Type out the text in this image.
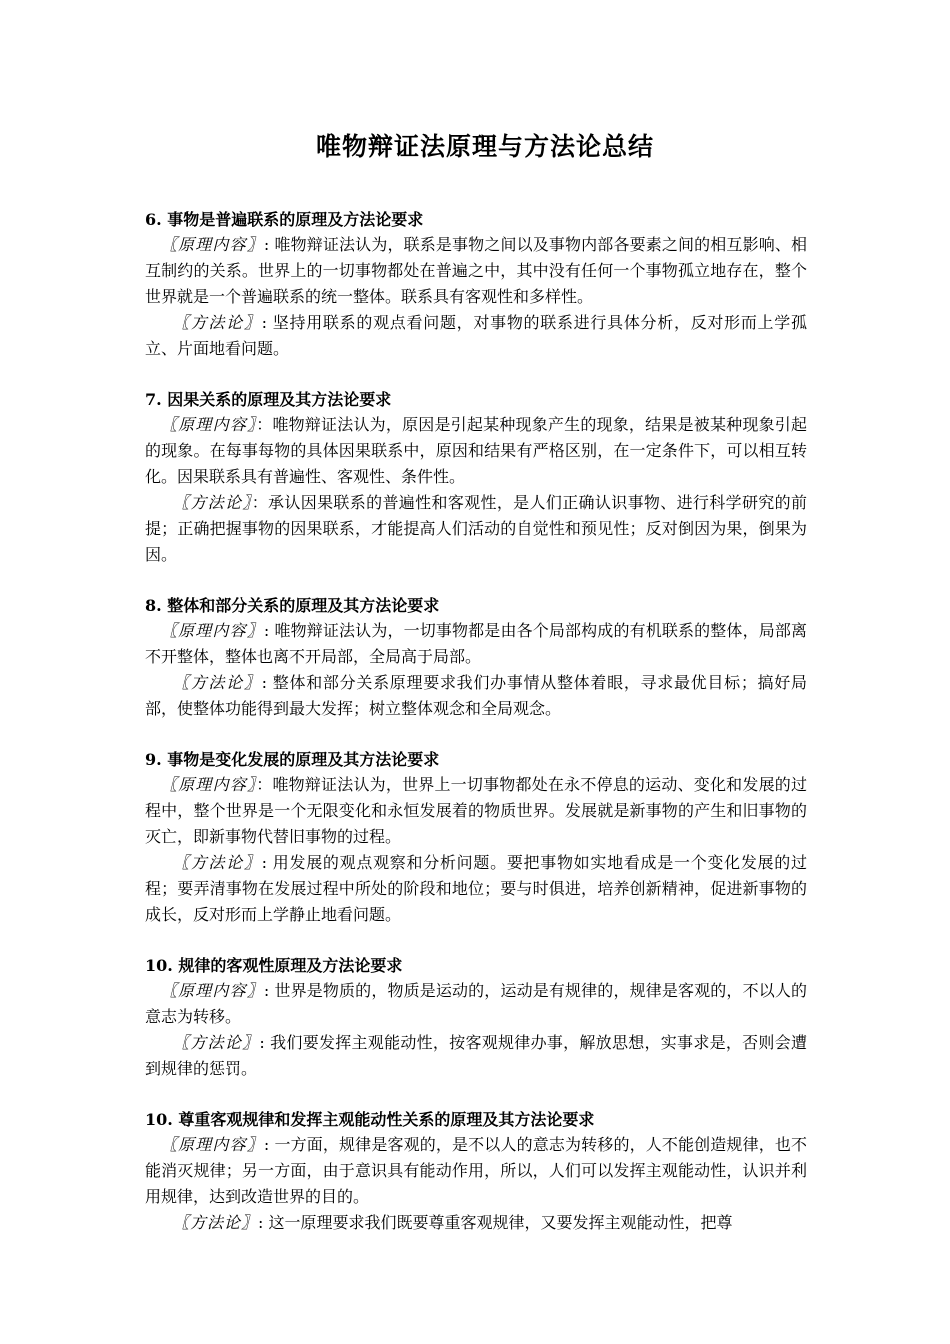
唯物辩证法原理与方法论总结

6. 事物是普遍联系的原理及方法论要求

〖原理内容〗: 唯物辩证法认为，联系是事物之间以及事物内部各要素之间的相互影响、相互制约的关系。世界上的一切事物都处在普遍之中，其中没有任何一个事物孤立地存在，整个世界就是一个普遍联系的统一整体。联系具有客观性和多样性。

〖方法论〗: 坚持用联系的观点看问题，对事物的联系进行具体分析，反对形而上学孤立、片面地看问题。

7. 因果关系的原理及其方法论要求

〖原理内容〗：唯物辩证法认为，原因是引起某种现象产生的现象，结果是被某种现象引起的现象。在每事每物的具体因果联系中，原因和结果有严格区别，在一定条件下，可以相互转化。因果联系具有普遍性、客观性、条件性。

〖方法论〗：承认因果联系的普遍性和客观性，是人们正确认识事物、进行科学研究的前提；正确把握事物的因果联系，才能提高人们活动的自觉性和预见性；反对倒因为果，倒果为因。

8. 整体和部分关系的原理及其方法论要求

〖原理内容〗: 唯物辩证法认为，一切事物都是由各个局部构成的有机联系的整体，局部离不开整体，整体也离不开局部，全局高于局部。

〖方法论〗: 整体和部分关系原理要求我们办事情从整体着眼，寻求最优目标；搞好局部，使整体功能得到最大发挥；树立整体观念和全局观念。

9. 事物是变化发展的原理及其方法论要求

〖原理内容〗：唯物辩证法认为，世界上一切事物都处在永不停息的运动、变化和发展的过程中，整个世界是一个无限变化和永恒发展着的物质世界。发展就是新事物的产生和旧事物的灭亡，即新事物代替旧事物的过程。

〖方法论〗: 用发展的观点观察和分析问题。要把事物如实地看成是一个变化发展的过程；要弄清事物在发展过程中所处的阶段和地位；要与时俱进，培养创新精神，促进新事物的成长，反对形而上学静止地看问题。

10. 规律的客观性原理及方法论要求

〖原理内容〗: 世界是物质的，物质是运动的，运动是有规律的，规律是客观的，不以人的意志为转移。

〖方法论〗: 我们要发挥主观能动性，按客观规律办事，解放思想，实事求是，否则会遭到规律的惩罚。

10. 尊重客观规律和发挥主观能动性关系的原理及其方法论要求

〖原理内容〗: 一方面，规律是客观的，是不以人的意志为转移的，人不能创造规律，也不能消灭规律；另一方面，由于意识具有能动作用，所以，人们可以发挥主观能动性，认识并利用规律，达到改造世界的目的。

〖方法论〗: 这一原理要求我们既要尊重客观规律，又要发挥主观能动性，把尊
